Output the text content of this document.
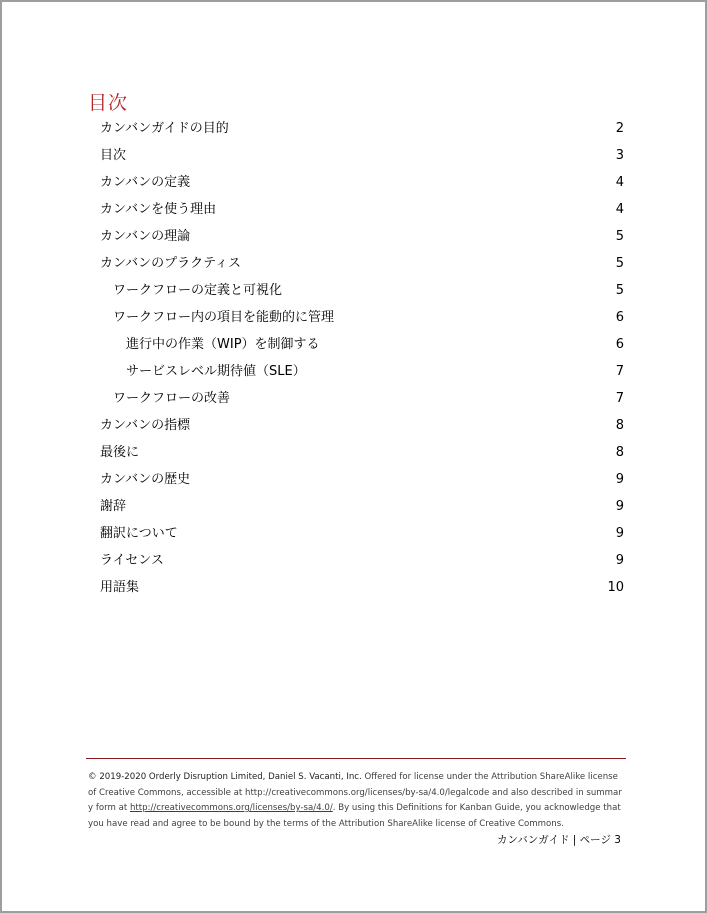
目次
カンバンガイドの目的	2
目次	3
カンバンの定義	4
カンバンを使う理由	4
カンバンの理論	5
カンバンのプラクティス	5
ワークフローの定義と可視化	5
ワークフロー内の項目を能動的に管理	6
進行中の作業（WIP）を制御する	6
サービスレベル期待値（SLE）	7
ワークフローの改善	7
カンバンの指標	8
最後に	8
カンバンの歴史	9
謝辞	9
翻訳について	9
ライセンス	9
用語集	10
© 2019-2020 Orderly Disruption Limited, Daniel S. Vacanti, Inc. Offered for license under the Attribution ShareAlike license of Creative Commons, accessible at http://creativecommons.org/licenses/by-sa/4.0/legalcode and also described in summary form at http://creativecommons.org/licenses/by-sa/4.0/. By using this Definitions for Kanban Guide, you acknowledge that you have read and agree to be bound by the terms of the Attribution ShareAlike license of Creative Commons.
カンバンガイド | ページ 3
